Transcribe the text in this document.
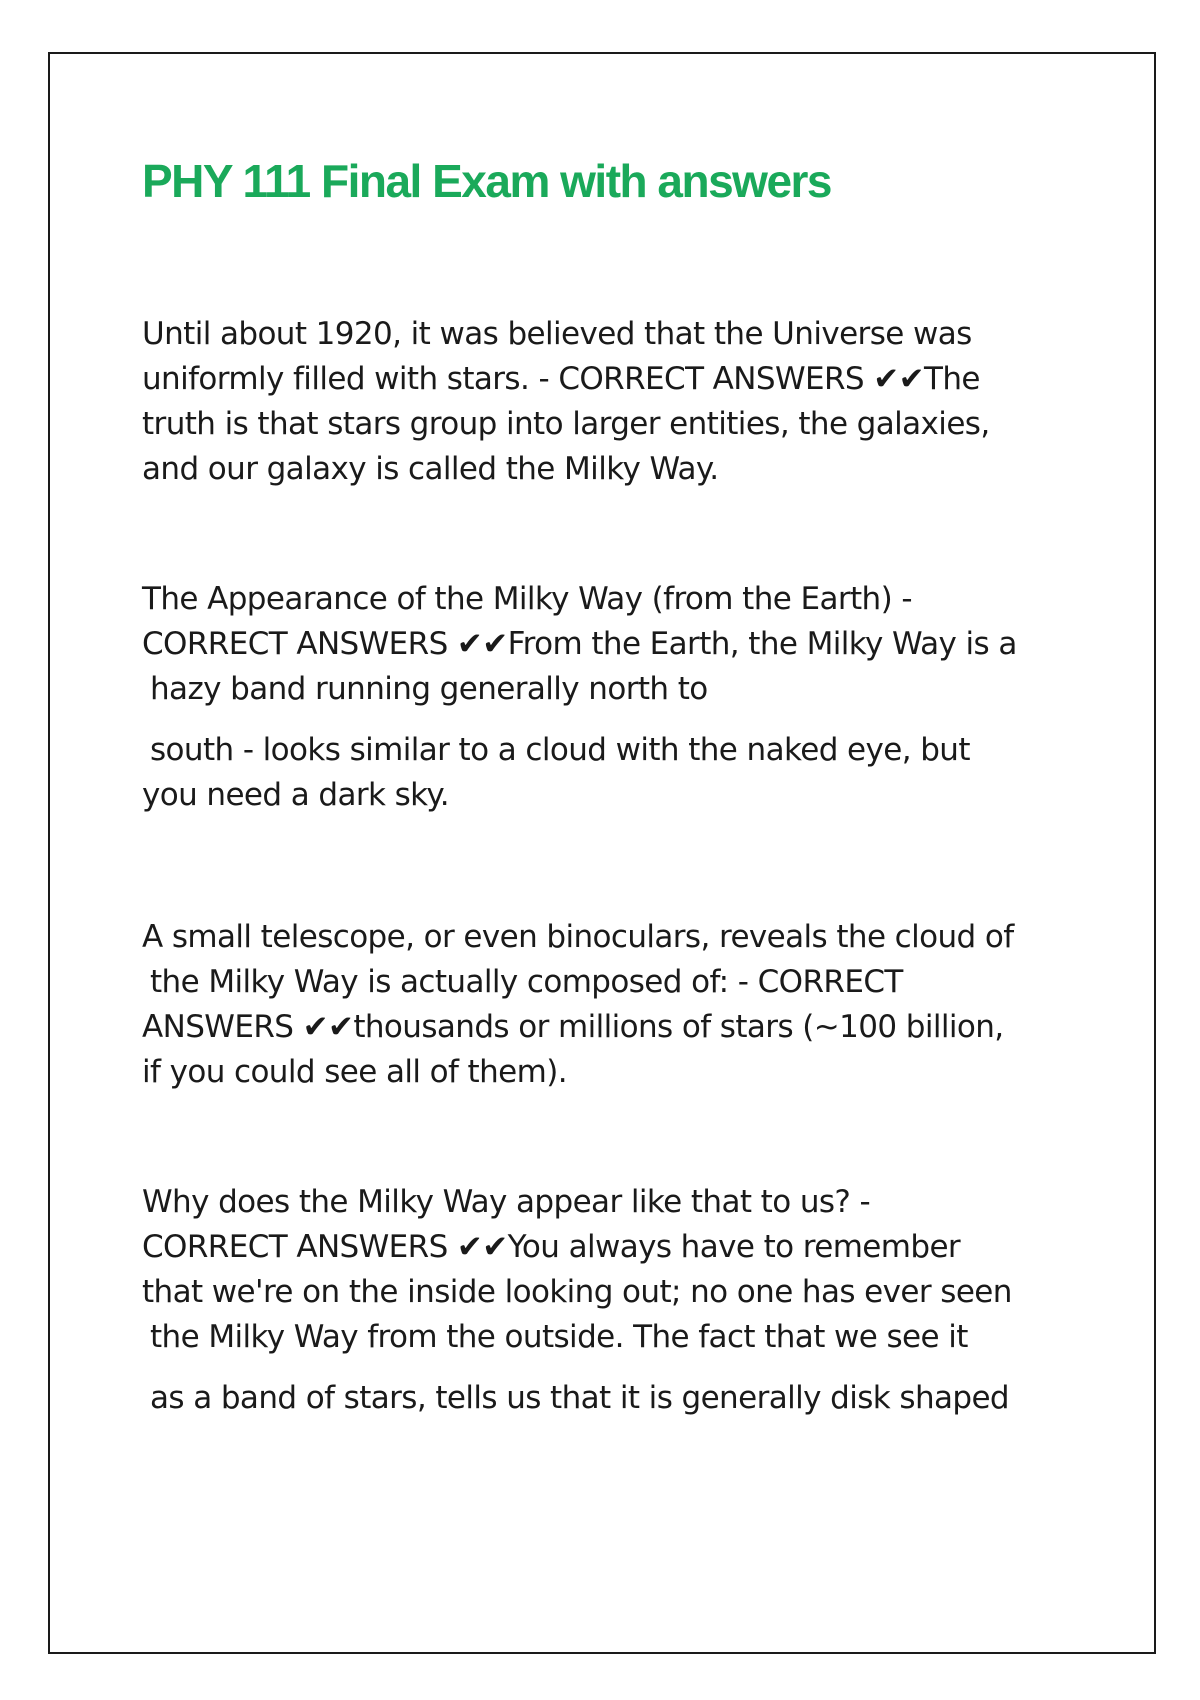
PHY 111 Final Exam with answers

Until about 1920, it was believed that the Universe was
uniformly filled with stars. - CORRECT ANSWERS ✔✔The
truth is that stars group into larger entities, the galaxies,
and our galaxy is called the Milky Way.

The Appearance of the Milky Way (from the Earth) -
CORRECT ANSWERS ✔✔From the Earth, the Milky Way is a
hazy band running generally north to
south - looks similar to a cloud with the naked eye, but
you need a dark sky.

A small telescope, or even binoculars, reveals the cloud of
the Milky Way is actually composed of: - CORRECT
ANSWERS ✔✔thousands or millions of stars (~100 billion,
if you could see all of them).

Why does the Milky Way appear like that to us? -
CORRECT ANSWERS ✔✔You always have to remember
that we're on the inside looking out; no one has ever seen
the Milky Way from the outside. The fact that we see it
as a band of stars, tells us that it is generally disk shaped
